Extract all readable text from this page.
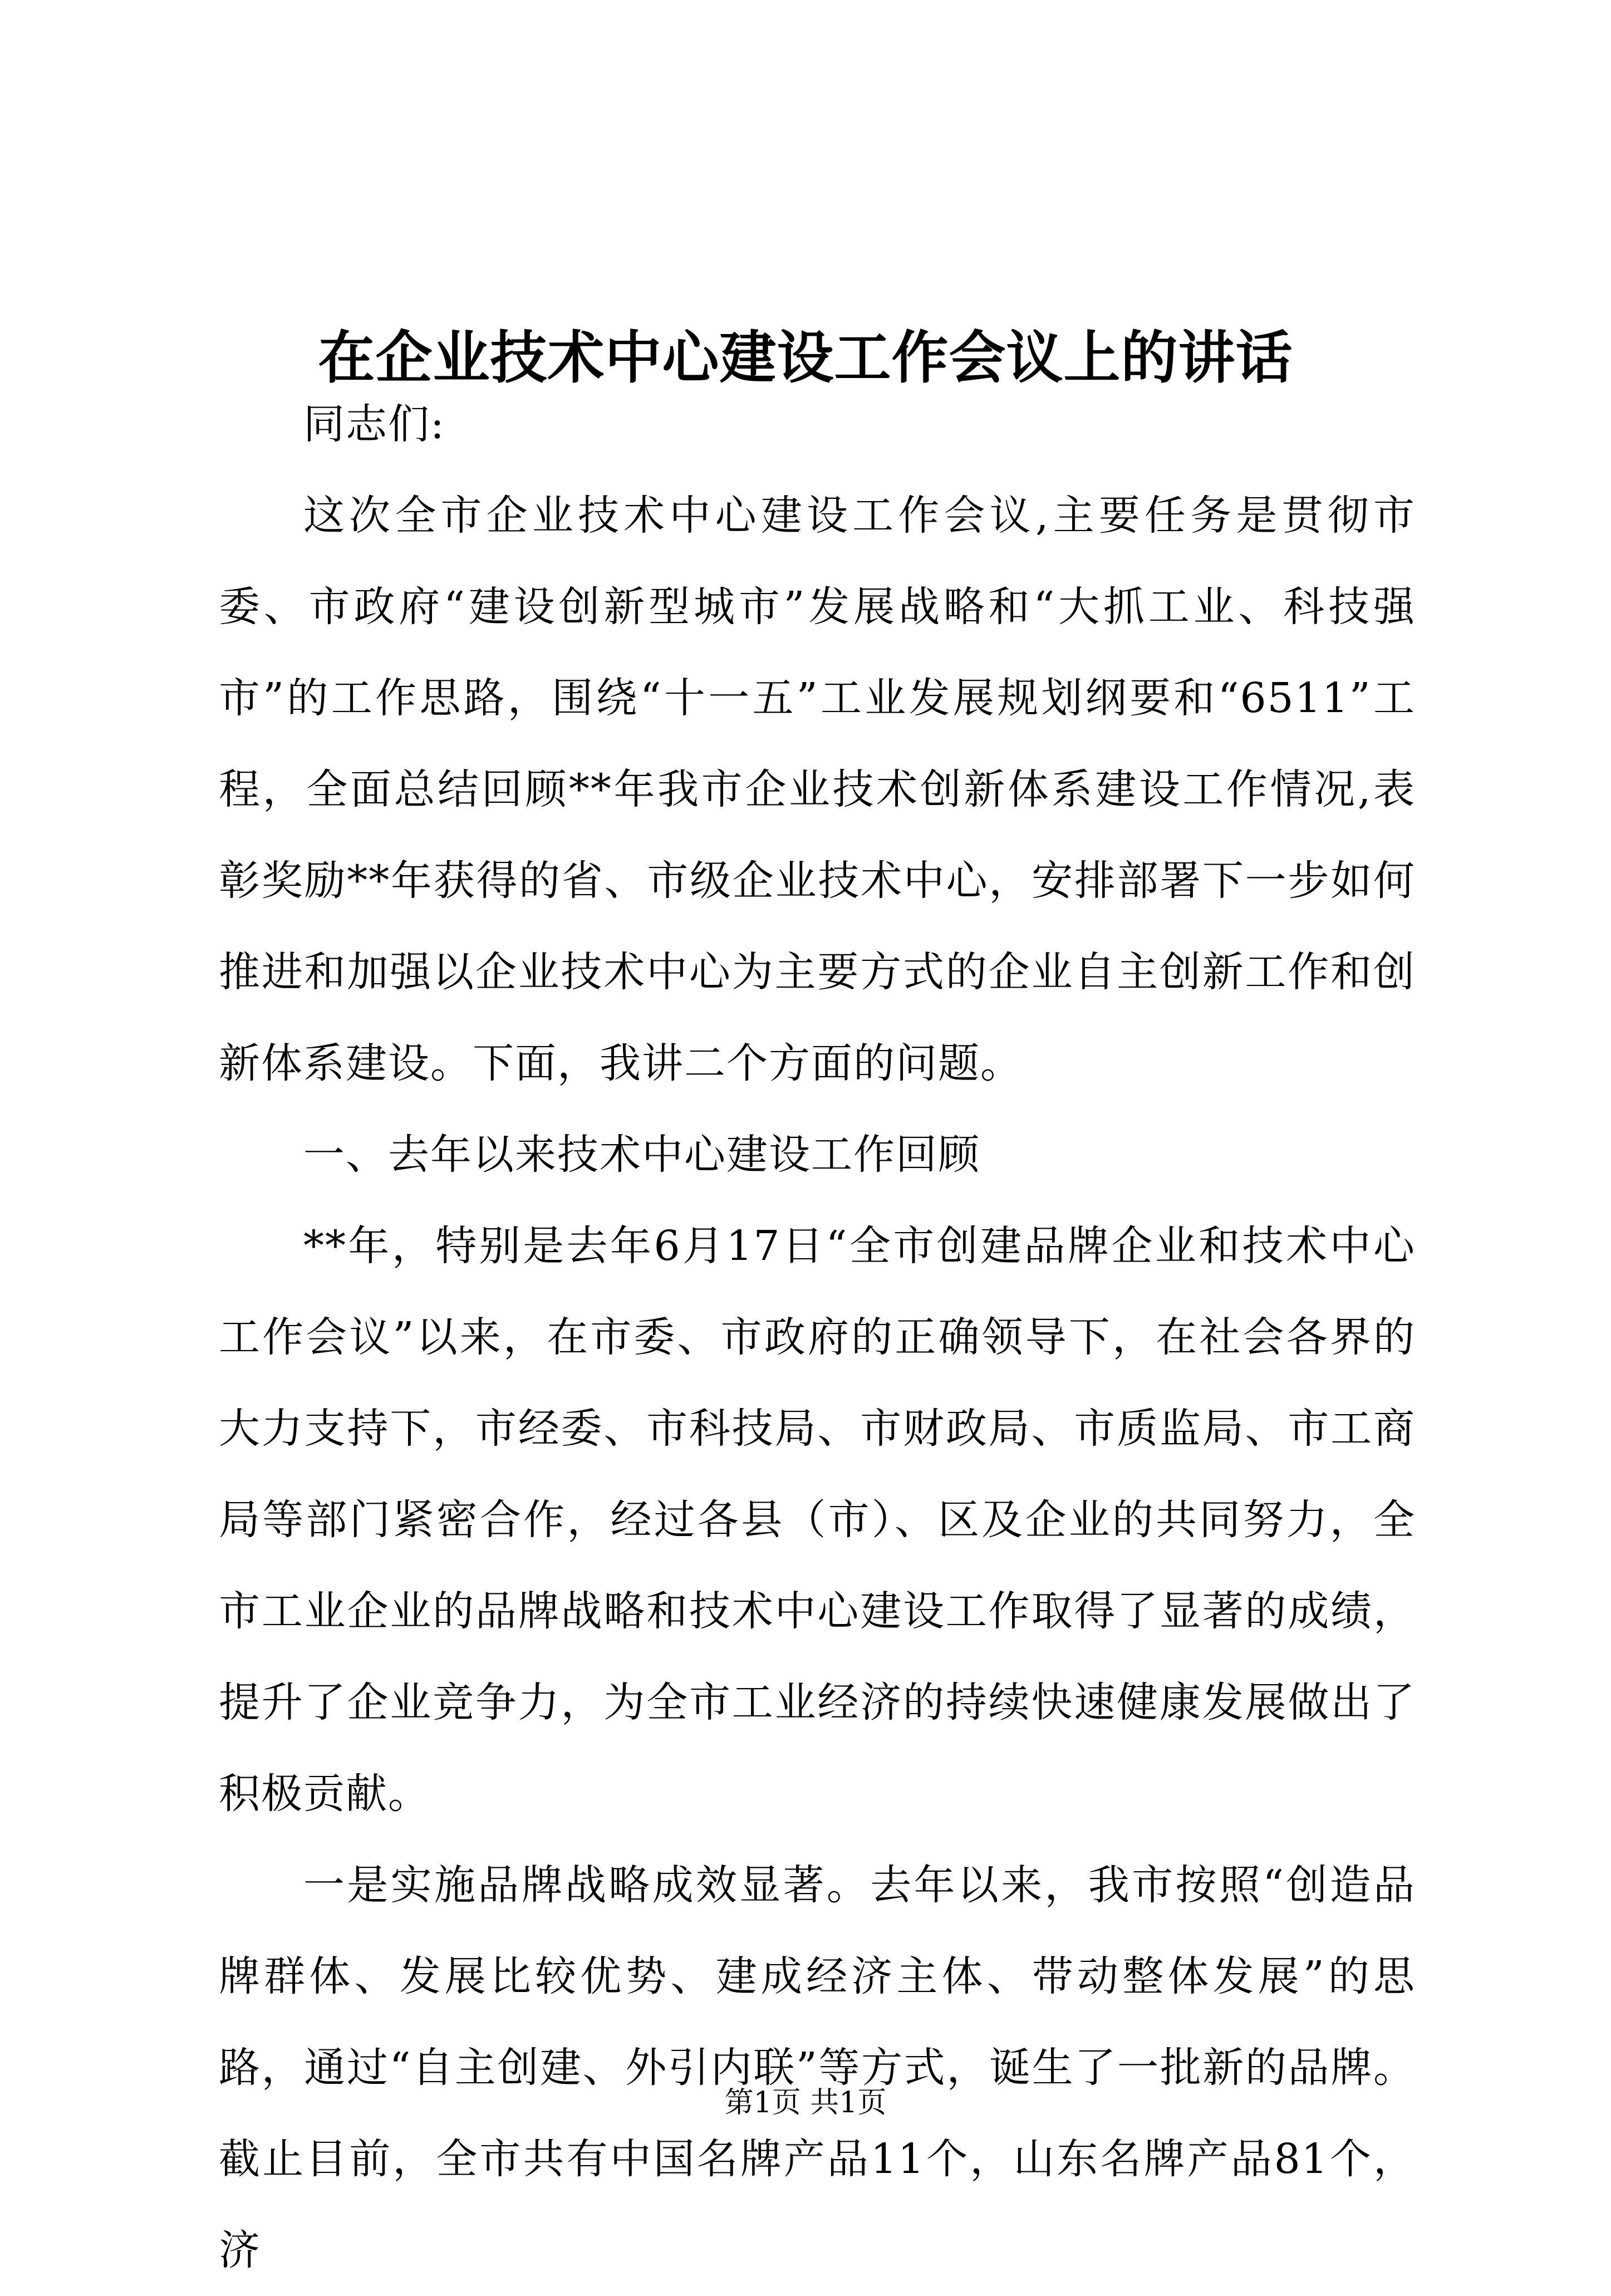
在企业技术中心建设工作会议上的讲话

同志们:

这次全市企业技术中心建设工作会议,主要任务是贯彻市委、市政府“建设创新型城市”发展战略和“大抓工业、科技强市”的工作思路，围绕“十一五”工业发展规划纲要和“6511”工程，全面总结回顾**年我市企业技术创新体系建设工作情况,表彰奖励**年获得的省、市级企业技术中心，安排部署下一步如何推进和加强以企业技术中心为主要方式的企业自主创新工作和创新体系建设。下面，我讲二个方面的问题。

一、去年以来技术中心建设工作回顾

**年，特别是去年6月17日“全市创建品牌企业和技术中心工作会议”以来，在市委、市政府的正确领导下，在社会各界的大力支持下，市经委、市科技局、市财政局、市质监局、市工商局等部门紧密合作，经过各县（市）、区及企业的共同努力，全市工业企业的品牌战略和技术中心建设工作取得了显著的成绩，提升了企业竞争力，为全市工业经济的持续快速健康发展做出了积极贡献。

一是实施品牌战略成效显著。去年以来，我市按照“创造品牌群体、发展比较优势、建成经济主体、带动整体发展”的思路，通过“自主创建、外引内联”等方式，诞生了一批新的品牌。截止目前，全市共有中国名牌产品11个，山东名牌产品81个，济

第1页 共1页
